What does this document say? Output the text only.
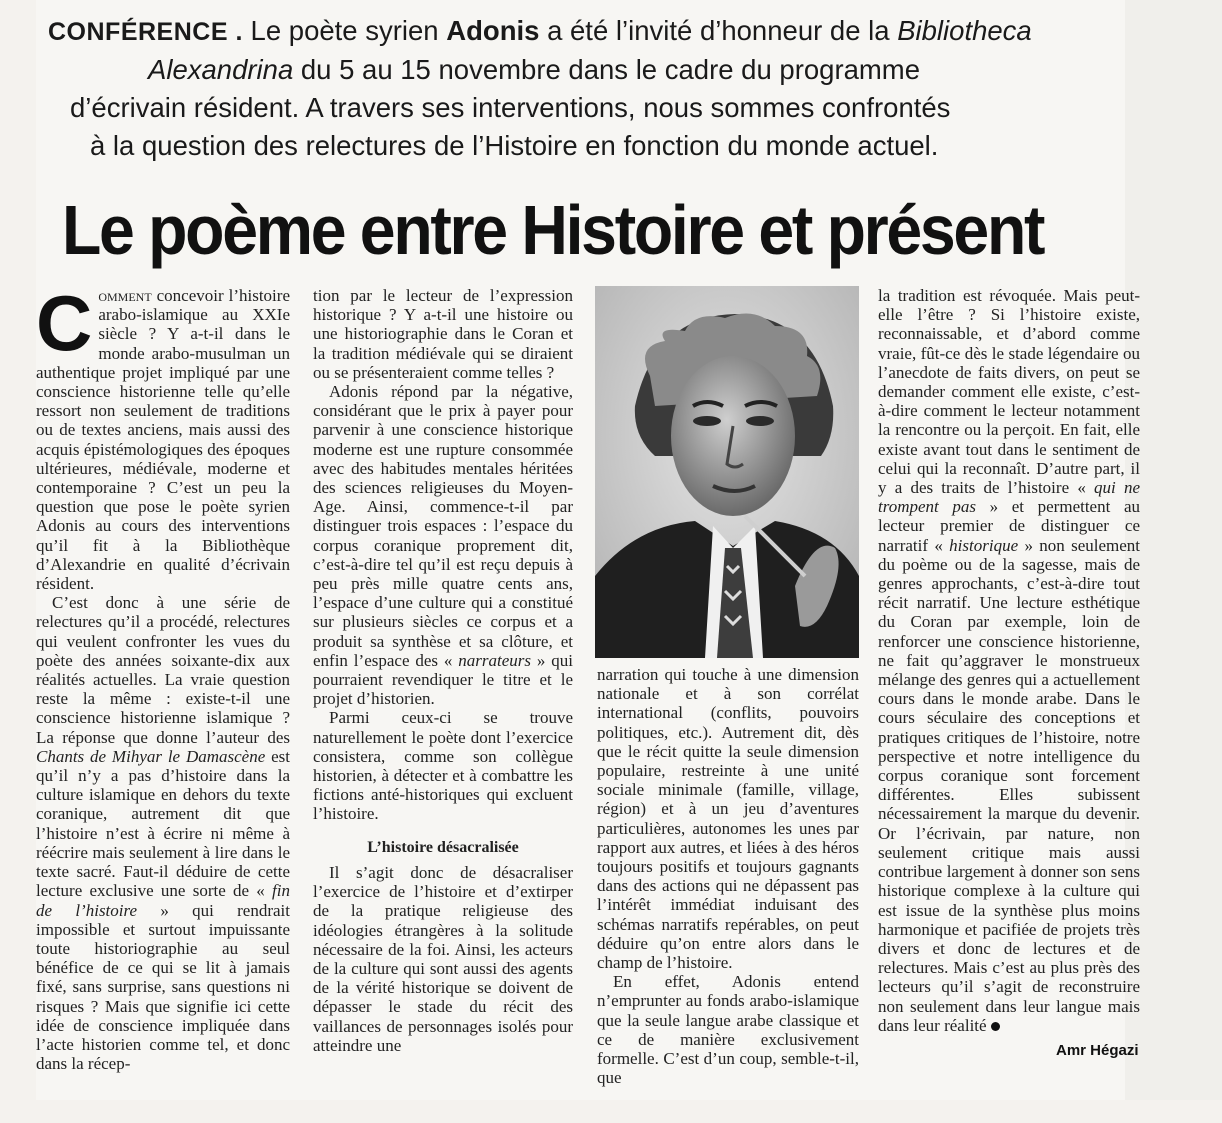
CONFÉRENCE . Le poète syrien Adonis a été l’invité d’honneur de la Bibliotheca

Alexandrina du 5 au 15 novembre dans le cadre du programme

d’écrivain résident. A travers ses interventions, nous sommes confrontés

à la question des relectures de l’Histoire en fonction du monde actuel.

Le poème entre Histoire et présent

Comment concevoir l’histoire arabo-islamique au XXIe siècle ? Y a-t-il dans le monde arabo-musulman un authentique projet impliqué par une conscience historienne telle qu’elle ressort non seulement de traditions ou de textes anciens, mais aussi des acquis épistémologiques des époques ultérieures, médiévale, moderne et contemporaine ? C’est un peu la question que pose le poète syrien Adonis au cours des interventions qu’il fit à la Bibliothèque d’Alexandrie en qualité d’écrivain résident.

C’est donc à une série de relectures qu’il a procédé, relectures qui veulent confronter les vues du poète des années soixante-dix aux réalités actuelles. La vraie question reste la même : existe-t-il une conscience historienne islamique ? La réponse que donne l’auteur des Chants de Mihyar le Damascène est qu’il n’y a pas d’histoire dans la culture islamique en dehors du texte coranique, autrement dit que l’histoire n’est à écrire ni même à réécrire mais seulement à lire dans le texte sacré. Faut-il déduire de cette lecture exclusive une sorte de « fin de l’histoire » qui rendrait impossible et surtout impuissante toute historiographie au seul bénéfice de ce qui se lit à jamais fixé, sans surprise, sans questions ni risques ? Mais que signifie ici cette idée de conscience impliquée dans l’acte historien comme tel, et donc dans la récep-

tion par le lecteur de l’expression historique ? Y a-t-il une histoire ou une historiographie dans le Coran et la tradition médiévale qui se diraient ou se présenteraient comme telles ?

Adonis répond par la négative, considérant que le prix à payer pour parvenir à une conscience historique moderne est une rupture consommée avec des habitudes mentales héritées des sciences religieuses du Moyen-Age. Ainsi, commence-t-il par distinguer trois espaces : l’espace du corpus coranique proprement dit, c’est-à-dire tel qu’il est reçu depuis à peu près mille quatre cents ans, l’espace d’une culture qui a constitué sur plusieurs siècles ce corpus et a produit sa synthèse et sa clôture, et enfin l’espace des « narrateurs » qui pourraient revendiquer le titre et le projet d’historien.

Parmi ceux-ci se trouve naturellement le poète dont l’exercice consistera, comme son collègue historien, à détecter et à combattre les fictions anté-historiques qui excluent l’histoire.

L’histoire désacralisée

Il s’agit donc de désacraliser l’exercice de l’histoire et d’extirper de la pratique religieuse des idéologies étrangères à la solitude nécessaire de la foi. Ainsi, les acteurs de la culture qui sont aussi des agents de la vérité historique se doivent de dépasser le stade du récit des vaillances de personnages isolés pour atteindre une

narration qui touche à une dimension nationale et à son corrélat international (conflits, pouvoirs politiques, etc.). Autrement dit, dès que le récit quitte la seule dimension populaire, restreinte à une unité sociale minimale (famille, village, région) et à un jeu d’aventures particulières, autonomes les unes par rapport aux autres, et liées à des héros toujours positifs et toujours gagnants dans des actions qui ne dépassent pas l’intérêt immédiat induisant des schémas narratifs repérables, on peut déduire qu’on entre alors dans le champ de l’histoire.

En effet, Adonis entend n’emprunter au fonds arabo-islamique que la seule langue arabe classique et ce de manière exclusivement formelle. C’est d’un coup, semble-t-il, que

la tradition est révoquée. Mais peut-elle l’être ? Si l’histoire existe, reconnaissable, et d’abord comme vraie, fût-ce dès le stade légendaire ou l’anecdote de faits divers, on peut se demander comment elle existe, c’est-à-dire comment le lecteur notamment la rencontre ou la perçoit. En fait, elle existe avant tout dans le sentiment de celui qui la reconnaît. D’autre part, il y a des traits de l’histoire « qui ne trompent pas » et permettent au lecteur premier de distinguer ce narratif « historique » non seulement du poème ou de la sagesse, mais de genres approchants, c’est-à-dire tout récit narratif. Une lecture esthétique du Coran par exemple, loin de renforcer une conscience historienne, ne fait qu’aggraver le monstrueux mélange des genres qui a actuellement cours dans le monde arabe. Dans le cours séculaire des conceptions et pratiques critiques de l’histoire, notre perspective et notre intelligence du corpus coranique sont forcement différentes. Elles subissent nécessairement la marque du devenir. Or l’écrivain, par nature, non seulement critique mais aussi contribue largement à donner son sens historique complexe à la culture qui est issue de la synthèse plus moins harmonique et pacifiée de projets très divers et donc de lectures et de relectures. Mais c’est au plus près des lecteurs qu’il s’agit de reconstruire non seulement dans leur langue mais dans leur réalité

Amr Hégazi
